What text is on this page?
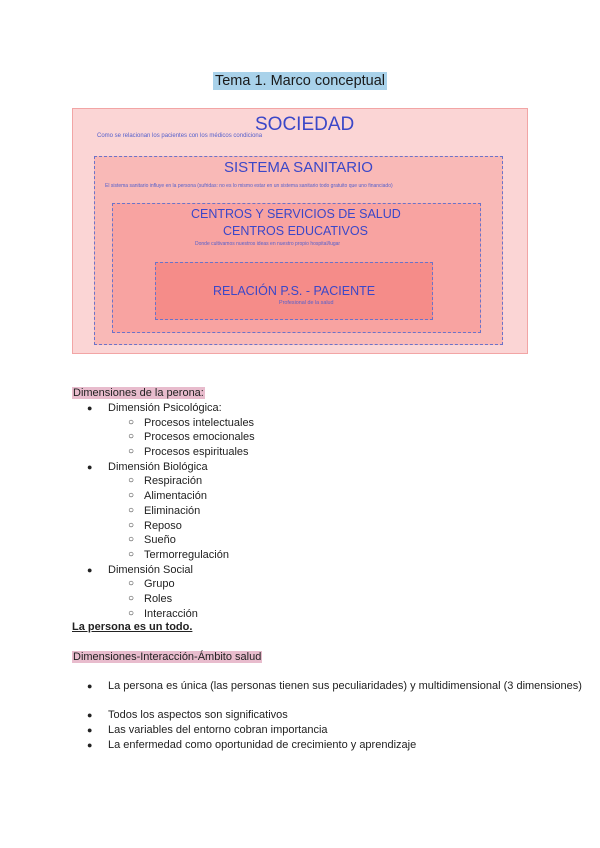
Tema 1. Marco conceptual
SOCIEDAD
Como se relacionan los pacientes con los médicos condiciona
SISTEMA SANITARIO
El sistema sanitario influye en la persona (sufridas: no es lo mismo estar en un sistema sanitario todo gratuito que uno financiado)
CENTROS Y SERVICIOS DE SALUD
CENTROS EDUCATIVOS
Donde cultivamos nuestros ideas en nuestro propio hospital/lugar
RELACIÓN P.S. - PACIENTE
Profesional de la salud
Dimensiones de la perona:
● Dimensión Psicológica:
○ Procesos intelectuales
○ Procesos emocionales
○ Procesos espirituales
● Dimensión Biológica
○ Respiración
○ Alimentación
○ Eliminación
○ Reposo
○ Sueño
○ Termorregulación
● Dimensión Social
○ Grupo
○ Roles
○ Interacción
La persona es un todo.
Dimensiones-Interacción-Ámbito salud
● La persona es única (las personas tienen sus peculiaridades) y multidimensional (3 dimensiones)
● Todos los aspectos son significativos
● Las variables del entorno cobran importancia
● La enfermedad como oportunidad de crecimiento y aprendizaje
